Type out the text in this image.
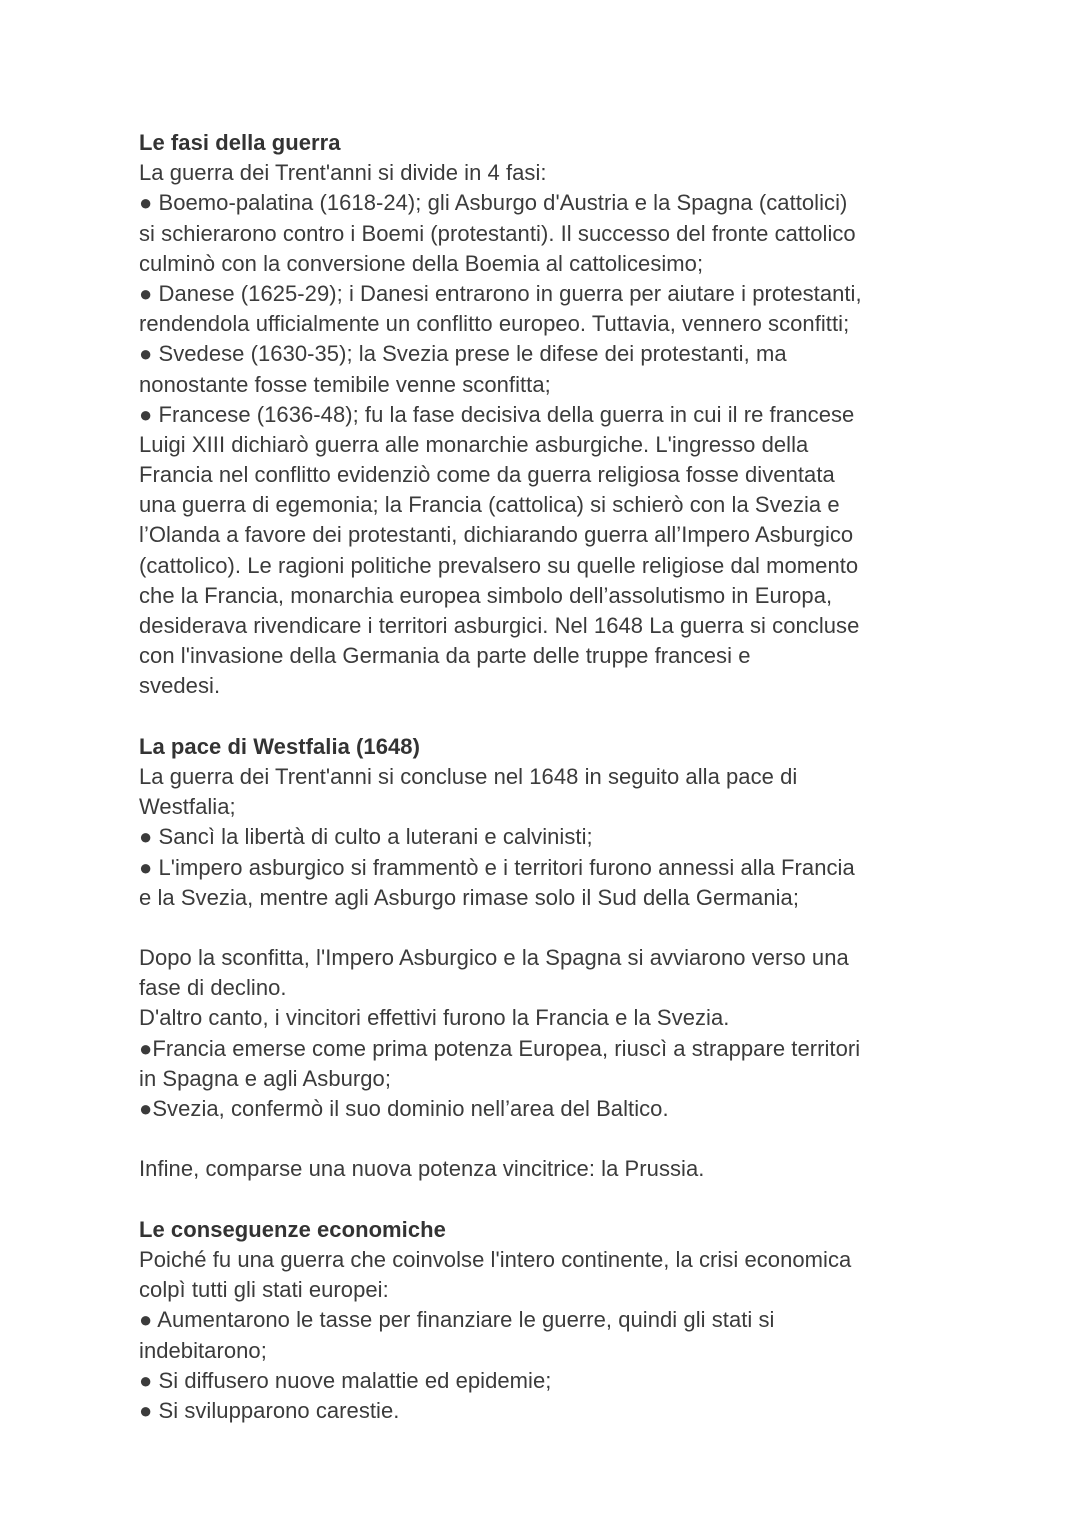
Le fasi della guerra
La guerra dei Trent'anni si divide in 4 fasi:
● Boemo-palatina (1618-24); gli Asburgo d'Austria e la Spagna (cattolici)
si schierarono contro i Boemi (protestanti). Il successo del fronte cattolico
culminò con la conversione della Boemia al cattolicesimo;
● Danese (1625-29); i Danesi entrarono in guerra per aiutare i protestanti,
rendendola ufficialmente un conflitto europeo. Tuttavia, vennero sconfitti;
● Svedese (1630-35); la Svezia prese le difese dei protestanti, ma
nonostante fosse temibile venne sconfitta;
● Francese (1636-48); fu la fase decisiva della guerra in cui il re francese
Luigi XIII dichiarò guerra alle monarchie asburgiche. L'ingresso della
Francia nel conflitto evidenziò come da guerra religiosa fosse diventata
una guerra di egemonia; la Francia (cattolica) si schierò con la Svezia e
l’Olanda a favore dei protestanti, dichiarando guerra all’Impero Asburgico
(cattolico). Le ragioni politiche prevalsero su quelle religiose dal momento
che la Francia, monarchia europea simbolo dell’assolutismo in Europa,
desiderava rivendicare i territori asburgici. Nel 1648 La guerra si concluse
con l'invasione della Germania da parte delle truppe francesi e
svedesi.
La pace di Westfalia (1648)
La guerra dei Trent'anni si concluse nel 1648 in seguito alla pace di
Westfalia;
● Sancì la libertà di culto a luterani e calvinisti;
● L'impero asburgico si frammentò e i territori furono annessi alla Francia
e la Svezia, mentre agli Asburgo rimase solo il Sud della Germania;
Dopo la sconfitta, l'Impero Asburgico e la Spagna si avviarono verso una
fase di declino.
D'altro canto, i vincitori effettivi furono la Francia e la Svezia.
●Francia emerse come prima potenza Europea, riuscì a strappare territori
in Spagna e agli Asburgo;
●Svezia, confermò il suo dominio nell’area del Baltico.
Infine, comparse una nuova potenza vincitrice: la Prussia.
Le conseguenze economiche
Poiché fu una guerra che coinvolse l'intero continente, la crisi economica
colpì tutti gli stati europei:
● Aumentarono le tasse per finanziare le guerre, quindi gli stati si
indebitarono;
● Si diffusero nuove malattie ed epidemie;
● Si svilupparono carestie.
